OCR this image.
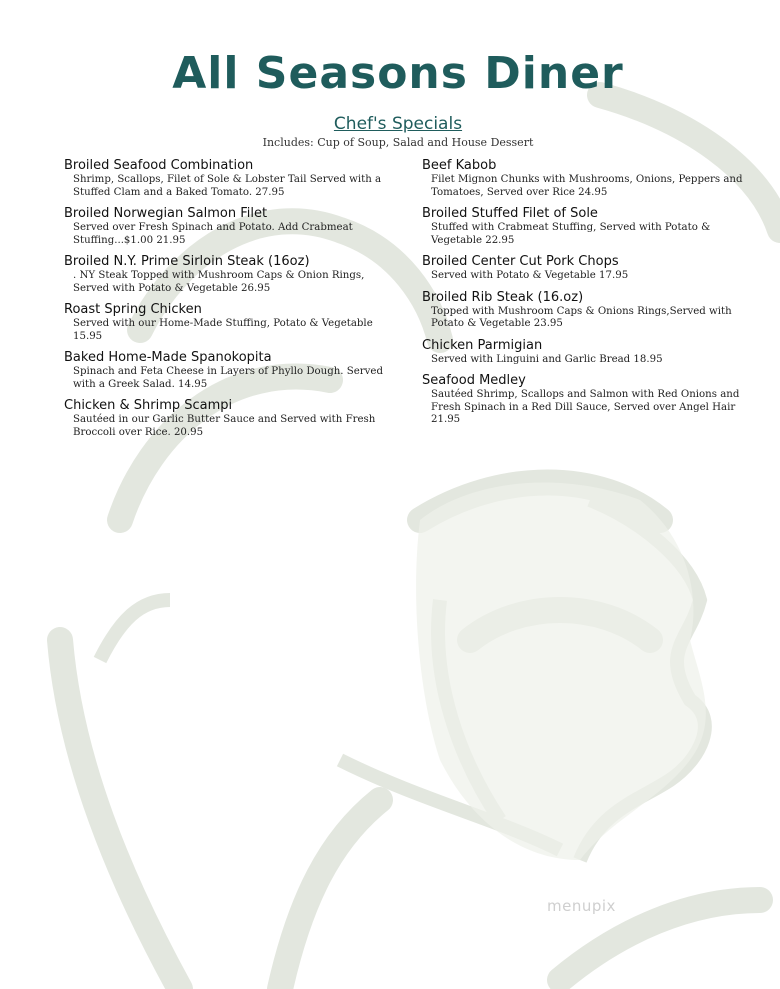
All Seasons Diner
Chef's Specials
Includes: Cup of Soup, Salad and House Dessert
Broiled Seafood Combination
Shrimp, Scallops, Filet of Sole & Lobster Tail Served with a Stuffed Clam and a Baked Tomato. 27.95
Broiled Norwegian Salmon Filet
Served over Fresh Spinach and Potato. Add Crabmeat Stuffing...$1.00 21.95
Broiled N.Y. Prime Sirloin Steak (16oz)
. NY Steak Topped with Mushroom Caps & Onion Rings, Served with Potato & Vegetable 26.95
Roast Spring Chicken
Served with our Home-Made Stuffing, Potato & Vegetable 15.95
Baked Home-Made Spanokopita
Spinach and Feta Cheese in Layers of Phyllo Dough. Served with a Greek Salad. 14.95
Chicken & Shrimp Scampi
Sautéed in our Garlic Butter Sauce and Served with Fresh Broccoli over Rice. 20.95
Beef Kabob
Filet Mignon Chunks with Mushrooms, Onions, Peppers and Tomatoes, Served over Rice 24.95
Broiled Stuffed Filet of Sole
Stuffed with Crabmeat Stuffing, Served with Potato & Vegetable 22.95
Broiled Center Cut Pork Chops
Served with Potato & Vegetable 17.95
Broiled Rib Steak (16.oz)
Topped with Mushroom Caps & Onions Rings,Served with Potato & Vegetable 23.95
Chicken Parmigian
Served with Linguini and Garlic Bread 18.95
Seafood Medley
Sautéed Shrimp, Scallops and Salmon with Red Onions and Fresh Spinach in a Red Dill Sauce, Served over Angel Hair 21.95
menupix
